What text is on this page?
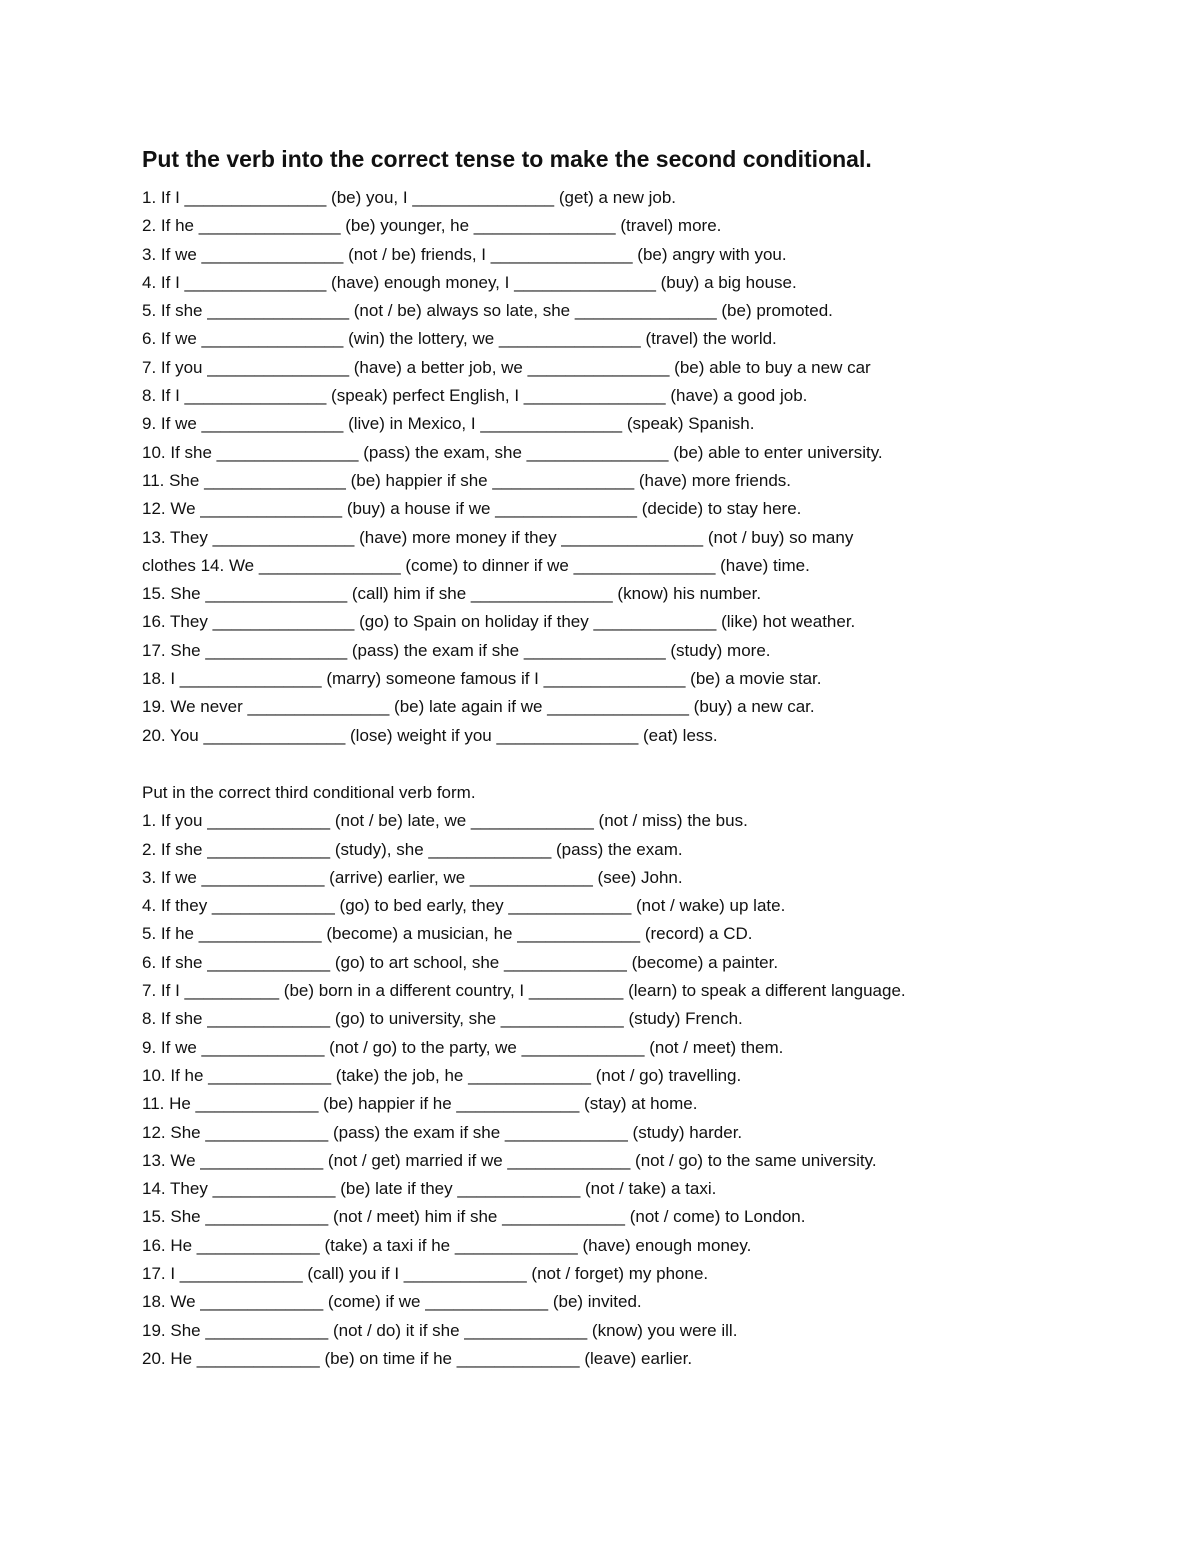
Put the verb into the correct tense to make the second conditional.
1. If I _______________ (be) you, I _______________ (get) a new job.
2. If he _______________ (be) younger, he _______________ (travel) more.
3. If we _______________ (not / be) friends, I _______________ (be) angry with you.
4. If I _______________ (have) enough money, I _______________ (buy) a big house.
5. If she _______________ (not / be) always so late, she _______________ (be) promoted.
6. If we _______________ (win) the lottery, we _______________ (travel) the world.
7. If you _______________ (have) a better job, we _______________ (be) able to buy a new car
8. If I _______________ (speak) perfect English, I _______________ (have) a good job.
9. If we _______________ (live) in Mexico, I _______________ (speak) Spanish.
10. If she _______________ (pass) the exam, she _______________ (be) able to enter university.
11. She _______________ (be) happier if she _______________ (have) more friends.
12. We _______________ (buy) a house if we _______________ (decide) to stay here.
13. They _______________ (have) more money if they _______________ (not / buy) so many
clothes 14. We _______________ (come) to dinner if we _______________ (have) time.
15. She _______________ (call) him if she _______________ (know) his number.
16. They _______________ (go) to Spain on holiday if they _____________ (like) hot weather.
17. She _______________ (pass) the exam if she _______________ (study) more.
18. I _______________ (marry) someone famous if I _______________ (be) a movie star.
19. We never _______________ (be) late again if we _______________ (buy) a new car.
20. You _______________ (lose) weight if you _______________ (eat) less.
Put in the correct third conditional verb form.
1. If you _____________ (not / be) late, we _____________ (not / miss) the bus.
2. If she _____________ (study), she _____________ (pass) the exam.
3. If we _____________ (arrive) earlier, we _____________ (see) John.
4. If they _____________ (go) to bed early, they _____________ (not / wake) up late.
5. If he _____________ (become) a musician, he _____________ (record) a CD.
6. If she _____________ (go) to art school, she _____________ (become) a painter.
7. If I __________ (be) born in a different country, I __________ (learn) to speak a different language.
8. If she _____________ (go) to university, she _____________ (study) French.
9. If we _____________ (not / go) to the party, we _____________ (not / meet) them.
10. If he _____________ (take) the job, he _____________ (not / go) travelling.
11. He _____________ (be) happier if he _____________ (stay) at home.
12. She _____________ (pass) the exam if she _____________ (study) harder.
13. We _____________ (not / get) married if we _____________ (not / go) to the same university.
14. They _____________ (be) late if they _____________ (not / take) a taxi.
15. She _____________ (not / meet) him if she _____________ (not / come) to London.
16. He _____________ (take) a taxi if he _____________ (have) enough money.
17. I _____________ (call) you if I _____________ (not / forget) my phone.
18. We _____________ (come) if we _____________ (be) invited.
19. She _____________ (not / do) it if she _____________ (know) you were ill.
20. He _____________ (be) on time if he _____________ (leave) earlier.
